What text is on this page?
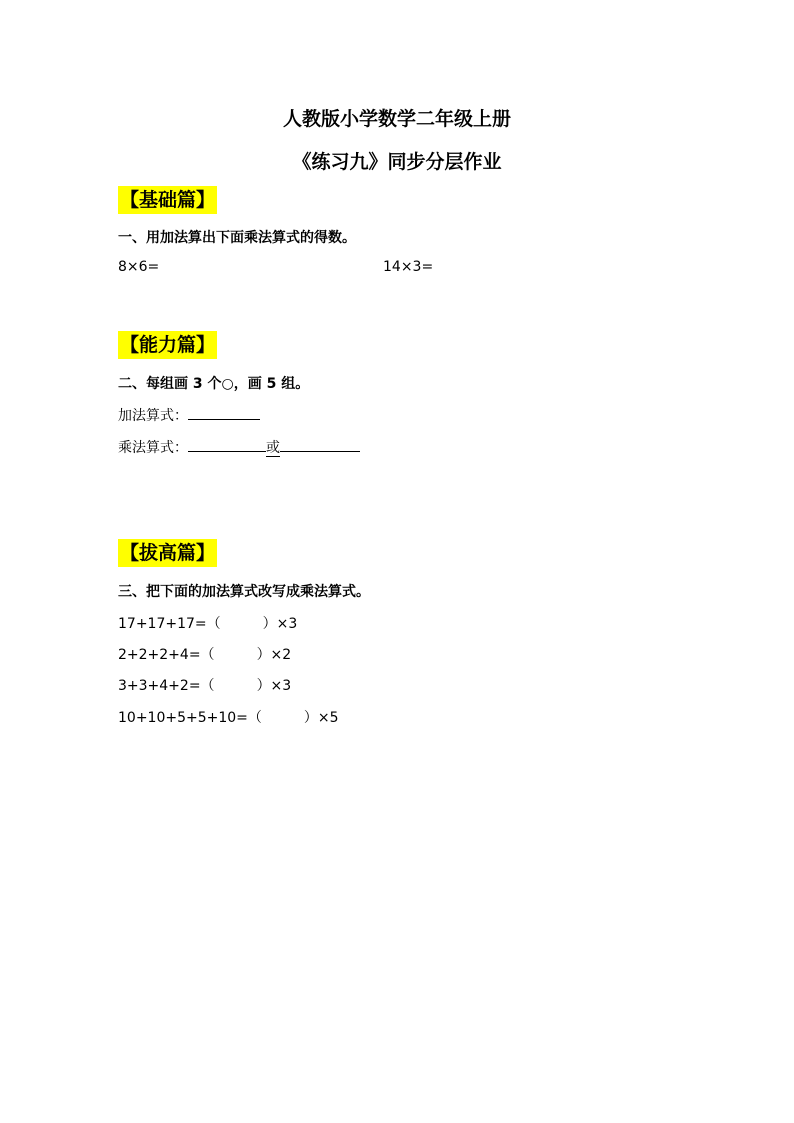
人教版小学数学二年级上册
《练习九》同步分层作业
【基础篇】
一、用加法算出下面乘法算式的得数。
8×6=	14×3=
【能力篇】
二、每组画 3 个○，画 5 组。
加法算式：
乘法算式：	或
【拔高篇】
三、把下面的加法算式改写成乘法算式。
17+17+17=（	）×3
2+2+2+4=（	）×2
3+3+4+2=（	）×3
10+10+5+5+10=（	）×5
